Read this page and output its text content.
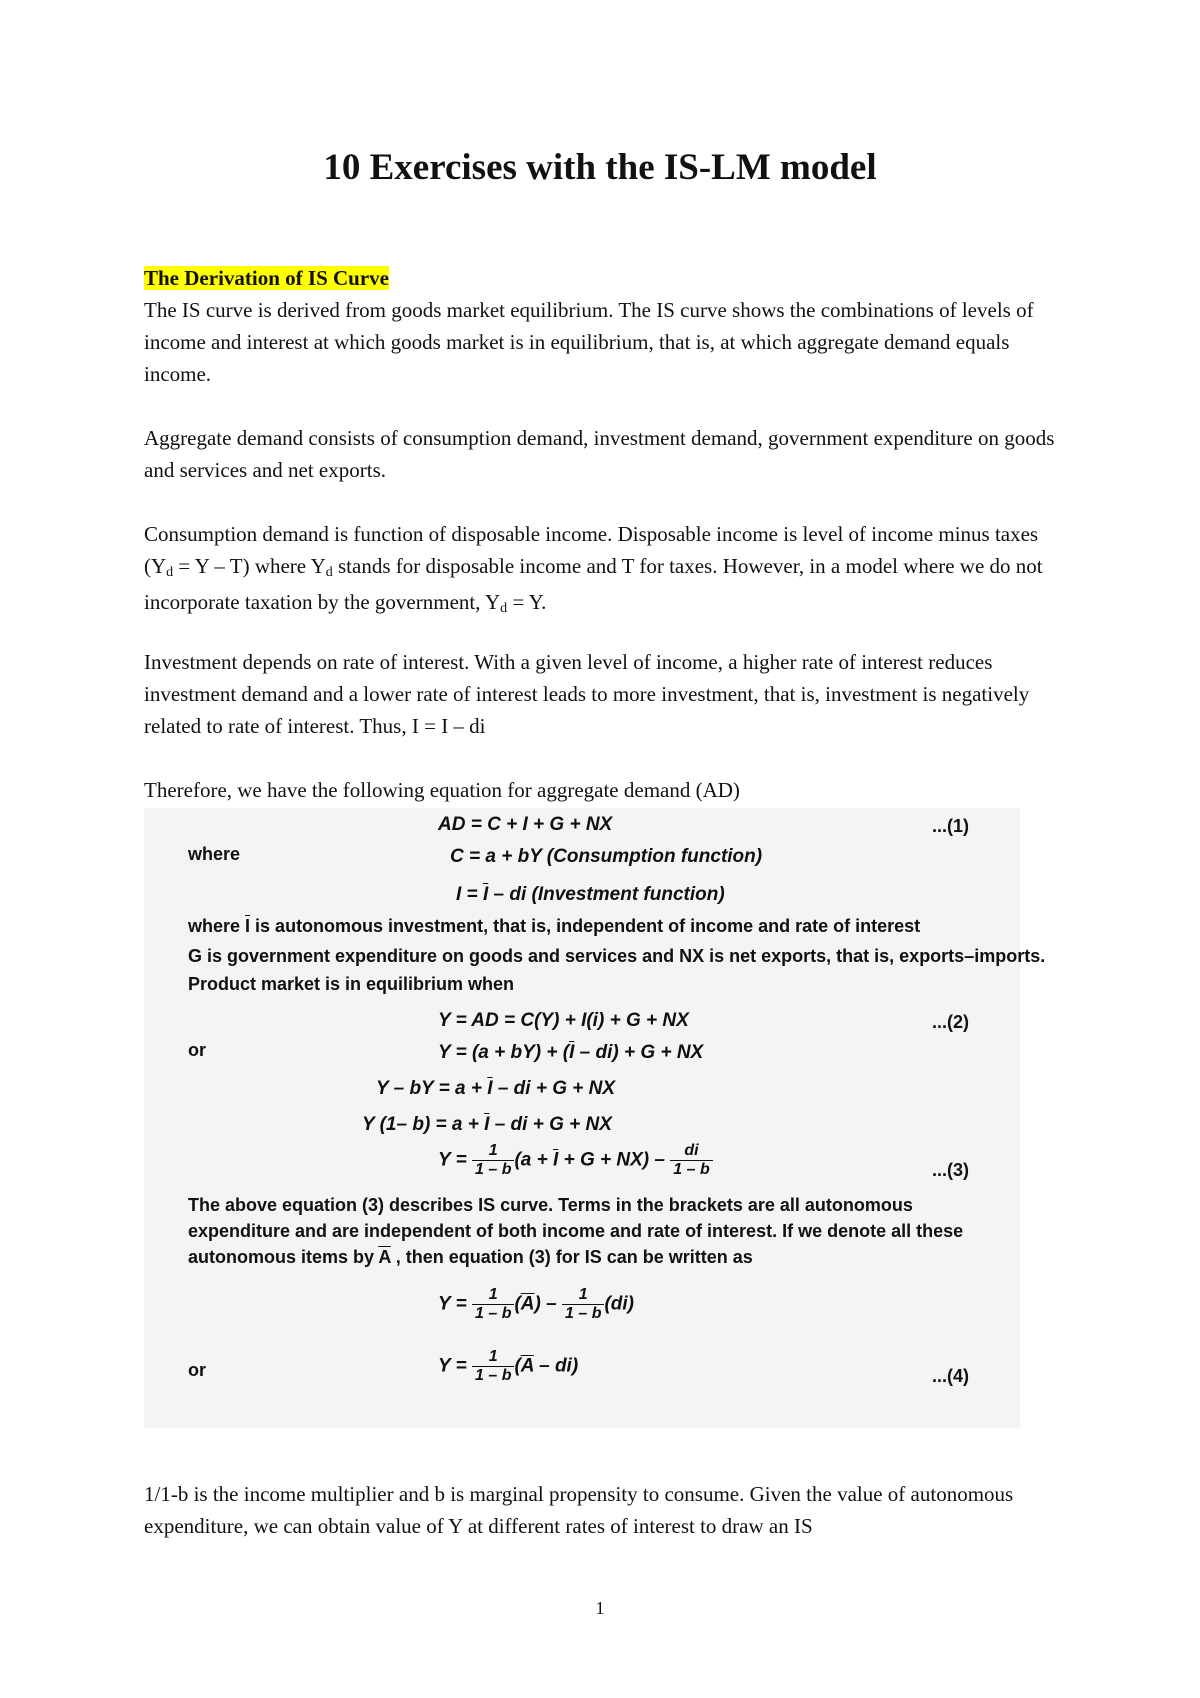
10 Exercises with the IS-LM model

The Derivation of IS Curve

The IS curve is derived from goods market equilibrium. The IS curve shows the combinations of levels of income and interest at which goods market is in equilibrium, that is, at which aggregate demand equals income.

Aggregate demand consists of consumption demand, investment demand, government expenditure on goods and services and net exports.

Consumption demand is function of disposable income. Disposable income is level of income minus taxes (Yd = Y – T) where Yd stands for disposable income and T for taxes. However, in a model where we do not incorporate taxation by the government, Yd = Y.

Investment depends on rate of interest. With a given level of income, a higher rate of interest reduces investment demand and a lower rate of interest leads to more investment, that is, investment is negatively related to rate of interest. Thus, I = I – di

Therefore, we have the following equation for aggregate demand (AD)

AD = C + I + G + NX	...(1)
where	C = a + bY (Consumption function)
$I = \overline{I}$ – di (Investment function)
where $\overline{I}$ is autonomous investment, that is, independent of income and rate of interest
G is government expenditure on goods and services and NX is net exports, that is, exports–imports.
Product market is in equilibrium when
Y = AD = C(Y) + I(i) + G + NX	...(2)
or	$Y = (a + bY) + (\overline{I} - di) + G$ + NX
Y – bY = $a + \overline{I}$ – di + G + NX
Y (1– $b) = a + \overline{I}$ – di + G + NX
$Y = \frac{1}{1 - b} (a + \overline{I} + G + NX) - \frac{di}{1 - b}$	...(3)
The above equation (3) describes IS curve. Terms in the brackets are all autonomous expenditure and are independent of both income and rate of interest. If we denote all these autonomous items by $\overline{A}$ , then equation (3) for IS can be written as
$Y = \frac{1}{1 - b} (\overline{A}) - \frac{1}{1 - b} (di)$
or	$Y = \frac{1}{1 - b} (\overline{A} - di)$	...(4)

1/1-b is the income multiplier and b is marginal propensity to consume. Given the value of autonomous expenditure, we can obtain value of Y at different rates of interest to draw an IS

1
